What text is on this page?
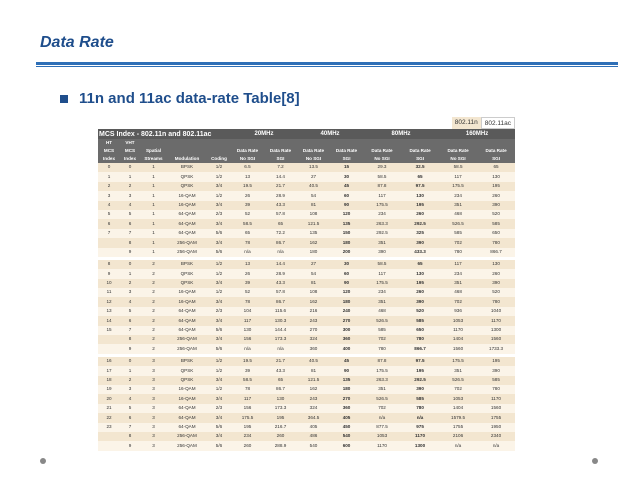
Data Rate
11n and 11ac data-rate Table[8]
802.11n	802.11ac
MCS Index - 802.11n and 802.11ac					20MHz		40MHz		80MHz		160MHz	
HT	VHT											
MCS	MCS	Spatial			Data Rate	Data Rate	Data Rate	Data Rate	Data Rate	Data Rate	Data Rate	Data Rate
Index	Index	Streams	Modulation	Coding	No SGI	SGI	No SGI	SGI	No SGI	SGI	No SGI	SGI
0	0	1	BPSK	1/2	6.5	7.2	13.5	15	29.3	32.5	58.5	65
1	1	1	QPSK	1/2	13	14.4	27	30	58.5	65	117	130
2	2	1	QPSK	3/4	19.5	21.7	40.5	45	87.8	97.5	175.5	195
3	3	1	16-QAM	1/2	26	28.9	54	60	117	130	234	260
4	4	1	16-QAM	3/4	39	43.3	81	90	175.5	195	351	390
5	5	1	64-QAM	2/3	52	57.8	108	120	234	260	468	520
6	6	1	64-QAM	3/4	58.5	65	121.5	135	263.3	292.5	526.5	585
7	7	1	64-QAM	5/6	65	72.2	135	150	292.5	325	585	650
	8	1	256-QAM	3/4	78	86.7	162	180	351	390	702	780
	9	1	256-QAM	5/6	n/a	n/a	180	200	390	433.3	780	866.7

8	0	2	BPSK	1/2	13	14.4	27	30	58.5	65	117	130
9	1	2	QPSK	1/2	26	28.9	54	60	117	130	234	260
10	2	2	QPSK	3/4	39	43.3	81	90	175.5	195	351	390
11	3	2	16-QAM	1/2	52	57.8	108	120	234	260	468	520
12	4	2	16-QAM	3/4	78	86.7	162	180	351	390	702	780
13	5	2	64-QAM	2/3	104	115.6	216	240	468	520	936	1040
14	6	2	64-QAM	3/4	117	130.3	243	270	526.5	585	1053	1170
15	7	2	64-QAM	5/6	130	144.4	270	300	585	650	1170	1300
	8	2	256-QAM	3/4	156	173.3	324	360	702	780	1404	1560
	9	2	256-QAM	5/6	n/a	n/a	360	400	780	866.7	1560	1733.3

16	0	3	BPSK	1/2	19.5	21.7	40.5	45	87.8	97.5	175.5	195
17	1	3	QPSK	1/2	39	43.3	81	90	175.5	195	351	390
18	2	3	QPSK	3/4	58.5	65	121.5	135	263.3	292.5	526.5	585
19	3	3	16-QAM	1/2	78	86.7	162	180	351	390	702	780
20	4	3	16-QAM	3/4	117	130	243	270	526.5	585	1053	1170
21	5	3	64-QAM	2/3	156	173.3	324	360	702	780	1404	1560
22	6	3	64-QAM	3/4	175.5	195	364.5	405	n/a	n/a	1579.5	1755
23	7	3	64-QAM	5/6	195	216.7	405	450	877.5	975	1755	1950
	8	3	256-QAM	3/4	234	260	486	540	1053	1170	2106	2340
	9	3	256-QAM	5/6	260	288.9	540	600	1170	1300	n/a	n/a
